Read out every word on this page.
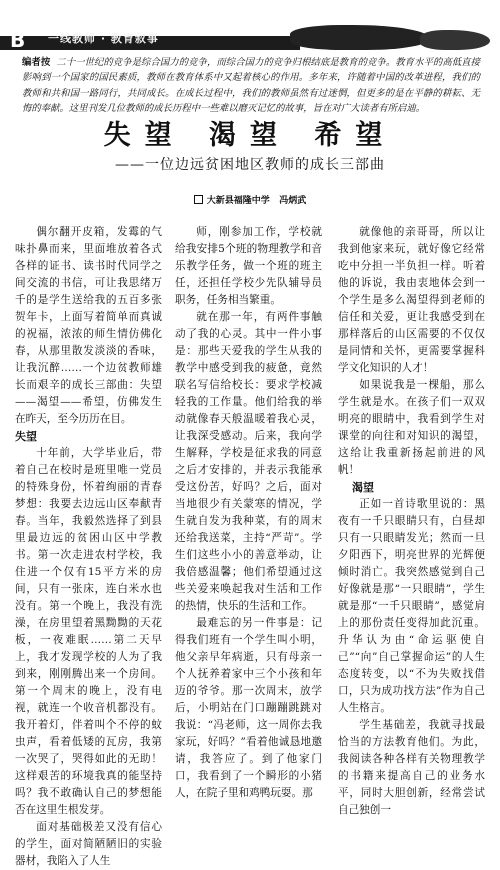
B 一线教师 · 教育叙事
编者按 二十一世纪的竞争是综合国力的竞争，而综合国力的竞争归根结底是教育的竞争。教育水平的高低直接影响到一个国家的国民素质，教师在教育体系中又起着核心的作用。多年来，许随着中国的改革进程，我们的教师和共和国一路同行，共同成长。在成长过程中，我们的教师虽然有过迷惘，但更多的是在平静的耕耘、无悔的奉献。这里刊发几位教师的成长历程中一些难以磨灭记忆的故事，旨在对广大读者有所启迪。
失望 渴望 希望
——一位边远贫困地区教师的成长三部曲
大新县福隆中学 冯炳武

偶尔翻开皮箱，发霉的气味扑鼻而来，里面堆放着各式各样的证书、读书时代同学之间交流的书信，可让我思绪万千的是学生送给我的五百多张贺年卡，上面写着简单而真诚的祝福，浓浓的师生情仿佛化春，从那里散发淡淡的香味，让我沉醉……一个边贫教师雄长而艰辛的成长三部曲：失望——渴望——希望，仿佛发生在昨天，至今历历在目。

失望

十年前，大学毕业后，带着自己在校时是班里唯一党员的特殊身份，怀着绚丽的青春梦想：我要去边远山区奉献青春。当年，我毅然选择了到县里最边远的贫困山区中学教书。第一次走进农村学校，我住进一个仅有15平方米的房间，只有一张床，连白米水也没有。第一个晚上，我没有洗澡，在房里望着黑黝黝的天花板，一夜难眠……第二天早上，我才发现学校的人为了我到来，刚刚腾出来一个房间。第一个周末的晚上，没有电视，就连一个收音机都没有。我开着灯，伴着叫个不停的蚊虫声，看着低矮的瓦房，我第一次哭了，哭得如此的无助！这样艰苦的环境我真的能坚持吗？我不敢确认自己的梦想能否在这里生根发芽。

面对基础极差又没有信心的学生，面对简陋陋旧的实验器材，我陷入了人生

师，刚参加工作，学校就给我安排5个班的物理教学和音乐教学任务，做一个班的班主任，还担任学校少先队辅导员职务，任务相当繁重。

就在那一年，有两件事触动了我的心灵。其中一件小事是：那些天爱我的学生从我的教学中感受到我的疲惫，竟然联名写信给校长：要求学校减轻我的工作量。他们给我的举动就像春天般温暖着我心灵，让我深受感动。后来，我向学生解释，学校是征求我的同意之后才安排的，并表示我能承受这份苦，好吗？之后，面对当地很少有关蒙寒的情况，学生就自发为我种菜，有的周末还给我送菜，主持“严苛”。学生们这些小小的善意举动，让我倍感温馨；他们希望通过这些关爱来唤起我对生活和工作的热情，快乐的生活和工作。

最难忘的另一件事是：记得我们班有一个学生叫小明，他父亲早年病逝，只有母亲一个人抚养着家中三个小孩和年迈的爷爷。那一次周末，放学后，小明站在门口蹦蹦跳跳对我说：“冯老师，这一周你去我家玩，好吗？”看着他诚恳地邀请，我答应了。到了他家门口，我看到了一个瞬形的小猪人，在院子里和鸡鸭玩耍。那

就像他的亲哥哥，所以让我到他家来玩，就好像它经常吃中分担一半负担一样。听着他的诉说，我由衷地体会到一个学生是多么渴望得到老师的信任和关爱，更让我感受到在那样落后的山区需要的不仅仅是同情和关怀，更需要掌握科学文化知识的人才！

如果说我是一棵船，那么学生就是水。在孩子们一双双明亮的眼睛中，我看到学生对课堂的向往和对知识的渴望，这给让我重新扬起前进的风帆！

渴望

正如一首诗歌里说的：黑夜有一千只眼睛只有，白昼却只有一只眼睛发光；然而一旦夕阳西下，明亮世界的光辉便倾时消亡。我突然感觉到自己好像就是那“一只眼睛”，学生就是那“一千只眼睛”，感觉肩上的那份责任变得加此沉重。升华认为由“命运驱使自己”“向”自己掌握命运”的人生态度转变，以“不为失败找借口，只为成功找方法”作为自己人生格言。

学生基础差，我就寻找最恰当的方法教育他们。为此，我阅读各种各样有关物理教学的书籍来提高自己的业务水平，同时大胆创新，经常尝试自己独创一
